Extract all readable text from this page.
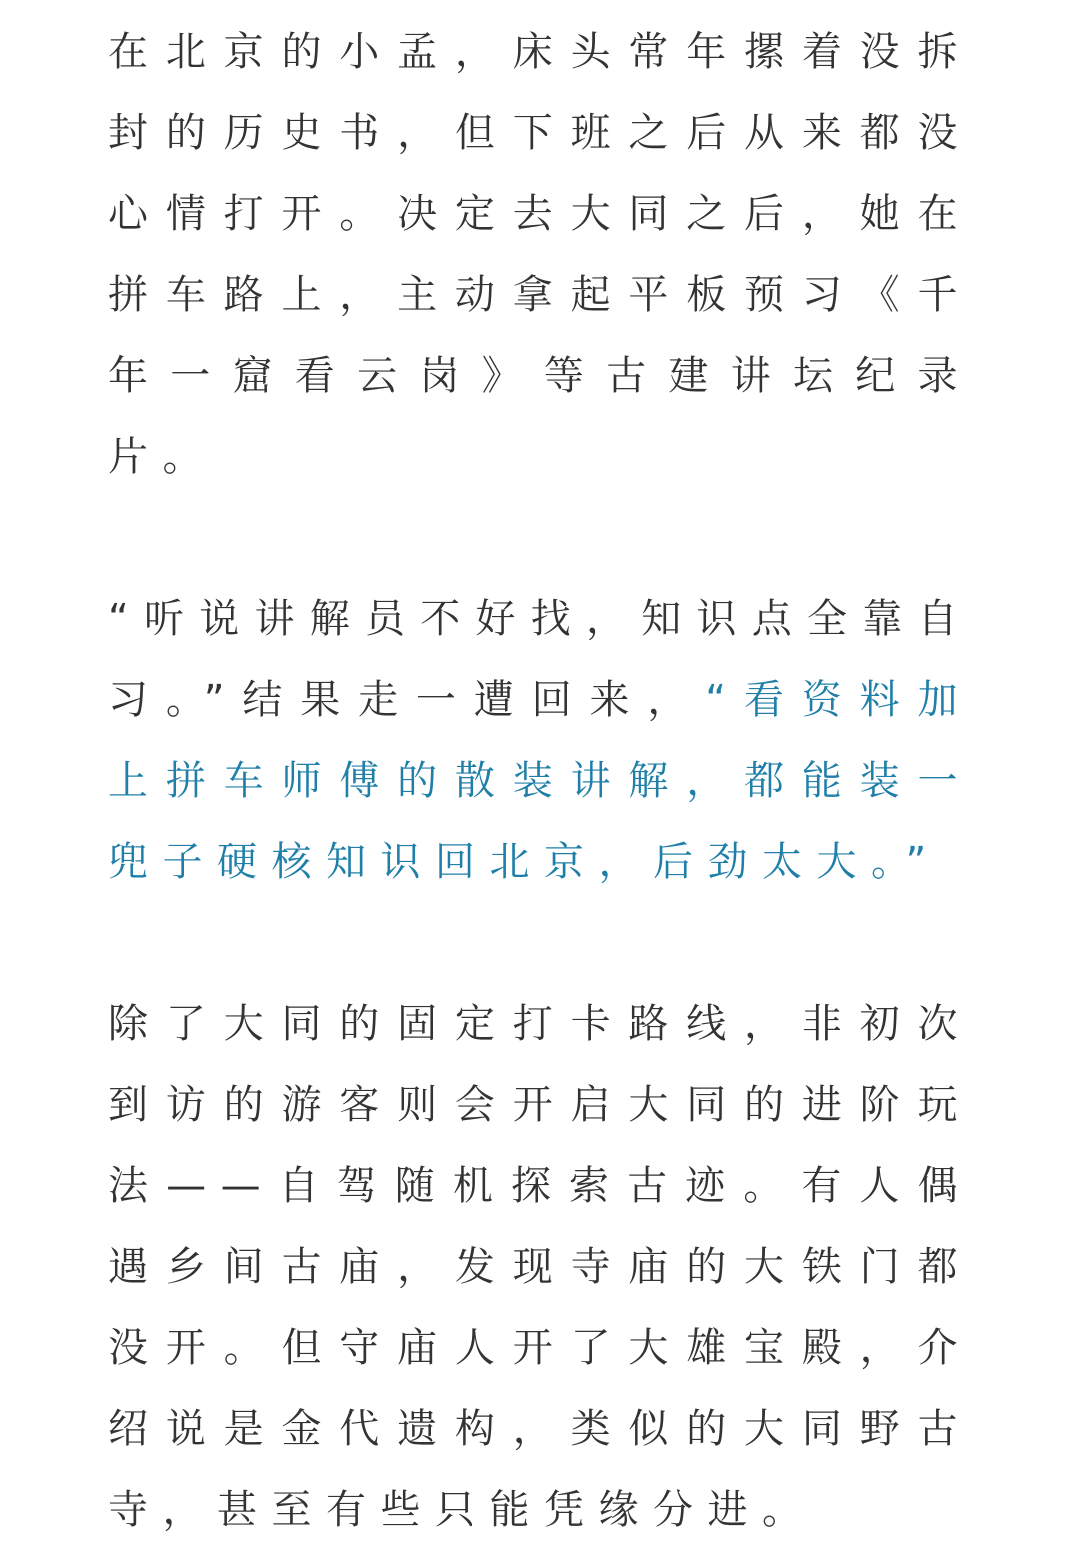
在北京的小孟，床头常年摞着没拆封的历史书，但下班之后从来都没心情打开。决定去大同之后，她在拼车路上，主动拿起平板预习《千年一窟看云岗》等古建讲坛纪录片。

“听说讲解员不好找，知识点全靠自习。”结果走一遭回来，“看资料加上拼车师傅的散装讲解，都能装一兜子硬核知识回北京，后劲太大。”

除了大同的固定打卡路线，非初次到访的游客则会开启大同的进阶玩法——自驾随机探索古迹。有人偶遇乡间古庙，发现寺庙的大铁门都没开。但守庙人开了大雄宝殿，介绍说是金代遗构，类似的大同野古寺，甚至有些只能凭缘分进。
